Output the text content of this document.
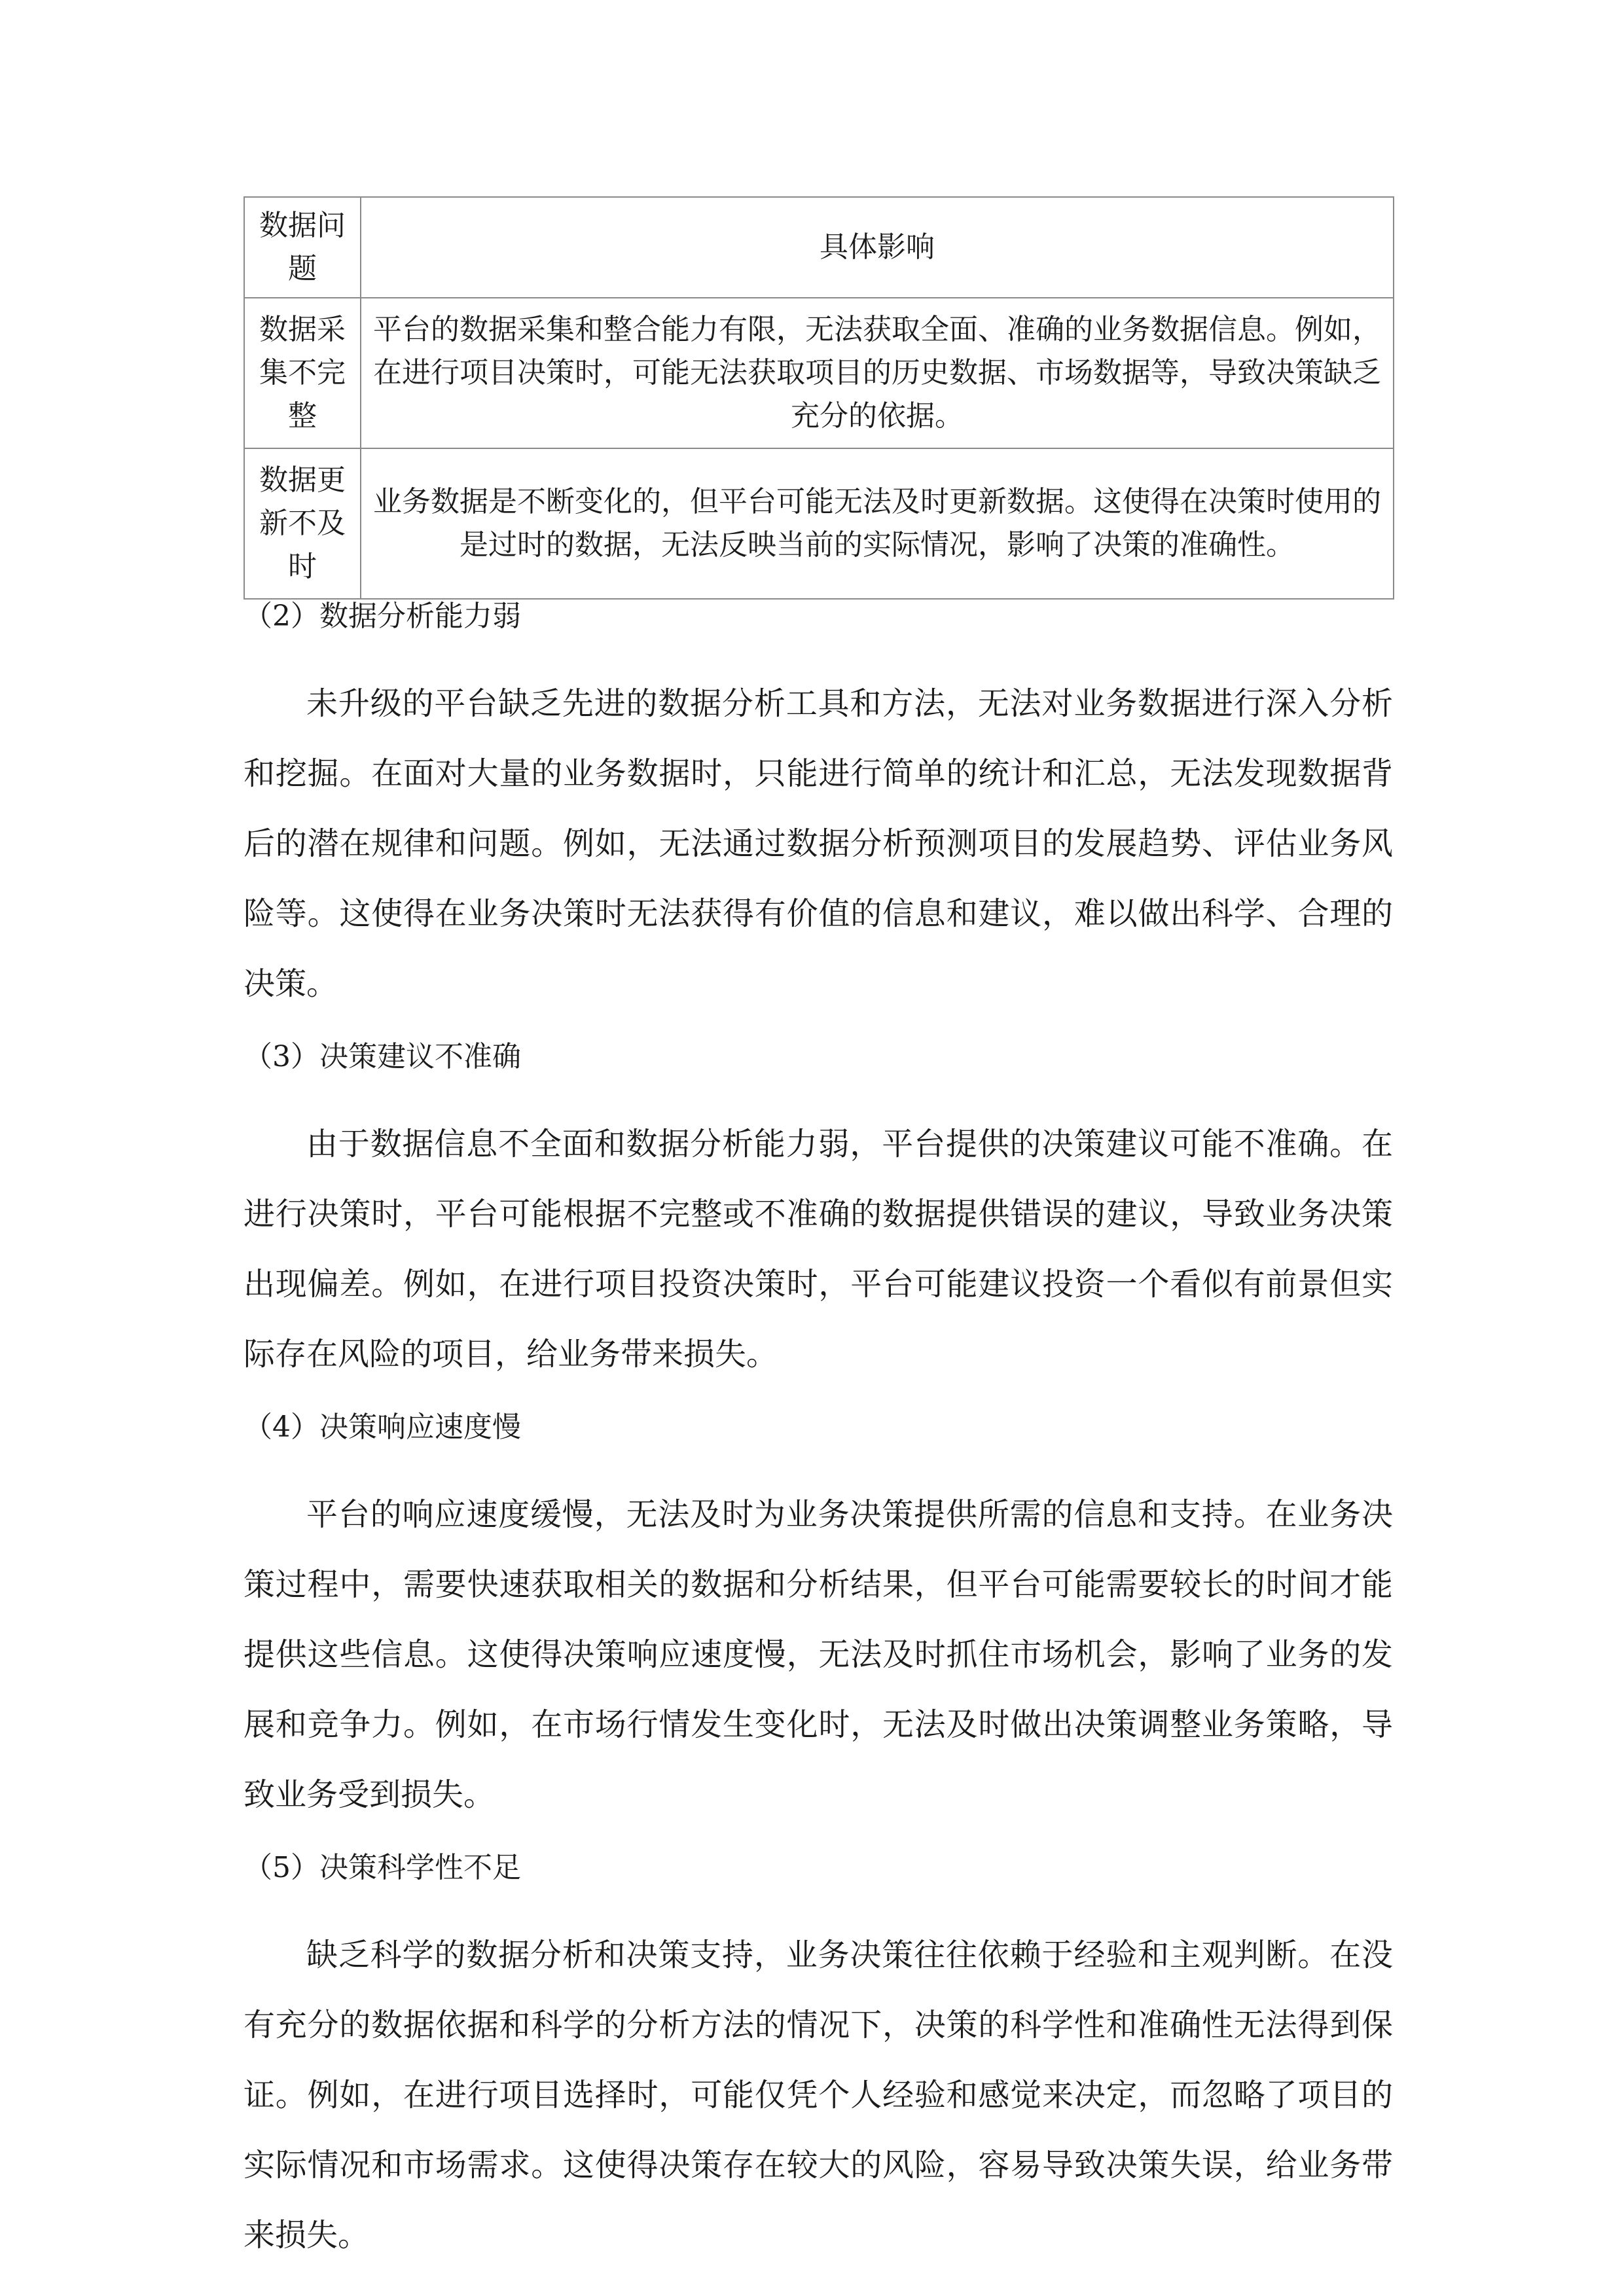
数据问题	具体影响
数据采集不完整	平台的数据采集和整合能力有限，无法获取全面、准确的业务数据信息。例如，在进行项目决策时，可能无法获取项目的历史数据、市场数据等，导致决策缺乏充分的依据。
数据更新不及时	业务数据是不断变化的，但平台可能无法及时更新数据。这使得在决策时使用的是过时的数据，无法反映当前的实际情况，影响了决策的准确性。
（2）数据分析能力弱

未升级的平台缺乏先进的数据分析工具和方法，无法对业务数据进行深入分析和挖掘。在面对大量的业务数据时，只能进行简单的统计和汇总，无法发现数据背后的潜在规律和问题。例如，无法通过数据分析预测项目的发展趋势、评估业务风险等。这使得在业务决策时无法获得有价值的信息和建议，难以做出科学、合理的决策。

（3）决策建议不准确

由于数据信息不全面和数据分析能力弱，平台提供的决策建议可能不准确。在进行决策时，平台可能根据不完整或不准确的数据提供错误的建议，导致业务决策出现偏差。例如，在进行项目投资决策时，平台可能建议投资一个看似有前景但实际存在风险的项目，给业务带来损失。

（4）决策响应速度慢

平台的响应速度缓慢，无法及时为业务决策提供所需的信息和支持。在业务决策过程中，需要快速获取相关的数据和分析结果，但平台可能需要较长的时间才能提供这些信息。这使得决策响应速度慢，无法及时抓住市场机会，影响了业务的发展和竞争力。例如，在市场行情发生变化时，无法及时做出决策调整业务策略，导致业务受到损失。

（5）决策科学性不足

缺乏科学的数据分析和决策支持，业务决策往往依赖于经验和主观判断。在没有充分的数据依据和科学的分析方法的情况下，决策的科学性和准确性无法得到保证。例如，在进行项目选择时，可能仅凭个人经验和感觉来决定，而忽略了项目的实际情况和市场需求。这使得决策存在较大的风险，容易导致决策失误，给业务带来损失。
